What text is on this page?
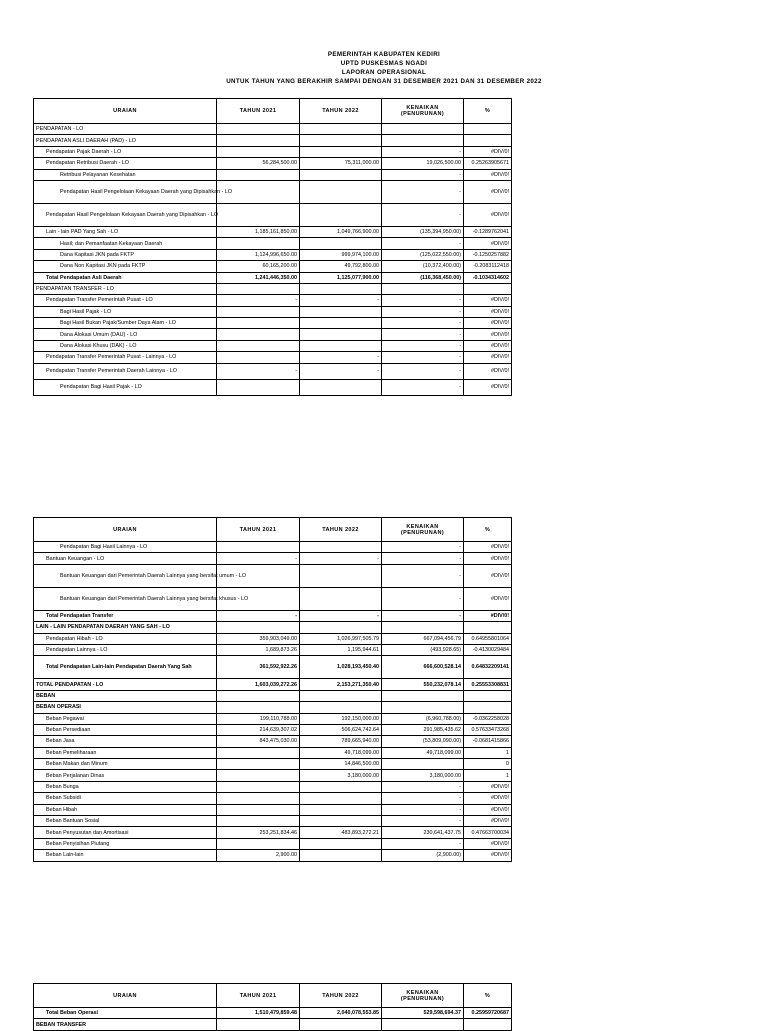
PEMERINTAH KABUPATEN KEDIRI
UPTD PUSKESMAS NGADI
LAPORAN OPERASIONAL
UNTUK TAHUN YANG BERAKHIR SAMPAI DENGAN 31 DESEMBER 2021 DAN 31 DESEMBER 2022
URAIAN	TAHUN 2021	TAHUN 2022	KENAIKAN
(PENURUNAN)	%
PENDAPATAN - LO				
PENDAPATAN ASLI DAERAH (PAD) - LO				
Pendapatan Pajak Daerah - LO			-	#DIV/0!
Pendapatan Retribusi Daerah - LO	56,284,500.00	75,311,000.00	19,026,500.00	0.25263905671
Retribusi Pelayanan Kesehatan			-	#DIV/0!
Pendapatan Hasil Pengelolaan Kekayaan Daerah yang Dipisahkan - LO			-	#DIV/0!
Pendapatan Hasil Pengelolaan Kekayaan Daerah yang Dipisahkan - LO			-	#DIV/0!
Lain - lain PAD Yang Sah - LO	1,185,161,850.00	1,049,766,900.00	(135,394,950.00)	-0.1289762041
Hasil; dan Pemanfaatan Kekayaan Daerah			-	#DIV/0!
Dana Kapitasi JKN pada FKTP	1,124,996,650.00	999,974,100.00	(125,022,550.00)	-0.1250257882
Dana Non Kapitasi JKN pada FKTP	60,165,200.00	49,792,800.00	(10,372,400.00)	-0.2083112418
Total Pendapatan Asli Daerah	1,241,446,350.00	1,125,077,900.00	(116,368,450.00)	-0.1034314602
PENDAPATAN TRANSFER - LO				
Pendapatan Transfer Pemerintah Pusat - LO	-	-	-	#DIV/0!
Bagi Hasil Pajak - LO			-	#DIV/0!
Bagi Hasil Bukan Pajak/Sumber Daya Alam - LO			-	#DIV/0!
Dana Alokasi Umum (DAU) - LO			-	#DIV/0!
Dana Alokasi Khusu (DAK) - LO			-	#DIV/0!
Pendapatan Transfer Pemerintah Pusat - Lainnya - LO		-	-	#DIV/0!
Pendapatan Transfer Pemerintah Daerah Lainnya - LO	-	-	-	#DIV/0!
Pendapatan Bagi Hasil Pajak - LO			-	#DIV/0!
URAIAN	TAHUN 2021	TAHUN 2022	KENAIKAN
(PENURUNAN)	%
Pendapatan Bagi Hasil Lainnya - LO			-	#DIV/0!
Bantuan Keuangan - LO	-	-	-	#DIV/0!
Bantuan Keuangan dari Pemerintah Daerah Lainnya yang bersifat umum - LO			-	#DIV/0!
Bantuan Keuangan dari Pemerintah Daerah Lainnya yang bersifat khusus - LO			-	#DIV/0!
Total Pendapatan Transfer	-	-	-	#DIV/0!
LAIN - LAIN PENDAPATAN DAERAH YANG SAH - LO				
Pendapatan Hibah - LO	359,903,049.00	1,026,997,505.79	667,094,456.79	0.64955801064
Pendapatan Lainnya - LO	1,689,873.26	1,195,944.61	(493,928.65)	-0.4130029484
Total Pendapatan Lain-lain Pendapatan Daerah Yang Sah	361,592,922.26	1,028,193,450.40	666,600,528.14	0.64832209141
TOTAL PENDAPATAN - LO	1,603,039,272.26	2,153,271,350.40	550,232,078.14	0.25553308831
BEBAN				
BEBAN OPERASI				
Beban Pegawai	199,110,788.00	192,150,000.00	(6,960,788.00)	-0.0362258028
Beban Persediaan	214,639,307.02	506,624,742.64	291,985,435.62	0.57633473268
Beban Jasa	843,475,030.00	789,665,940.00	(53,809,090.00)	-0.0681415866
Beban Pemeliharaan		49,718,099.00	49,718,099.00	1
Beban Makan dan Minum		14,846,500.00		0
Beban Perjalanan Dinas		3,180,000.00	3,180,000.00	1
Beban Bunga			-	#DIV/0!
Beban Subsidi			-	#DIV/0!
Beban Hibah			-	#DIV/0!
Beban Bantuan Sosial			-	#DIV/0!
Beban Penyusutan dan Amortisasi	253,251,834.46	483,893,272.21	230,641,437.75	0.47663700034
Beban Penyisihan Piutang			-	#DIV/0!
Beban Lain-lain	2,900.00		(2,900.00)	#DIV/0!
URAIAN	TAHUN 2021	TAHUN 2022	KENAIKAN
(PENURUNAN)	%
Total Beban Operasi	1,510,479,859.48	2,040,078,553.85	529,598,694.37	0.25959720687
BEBAN TRANSFER				
